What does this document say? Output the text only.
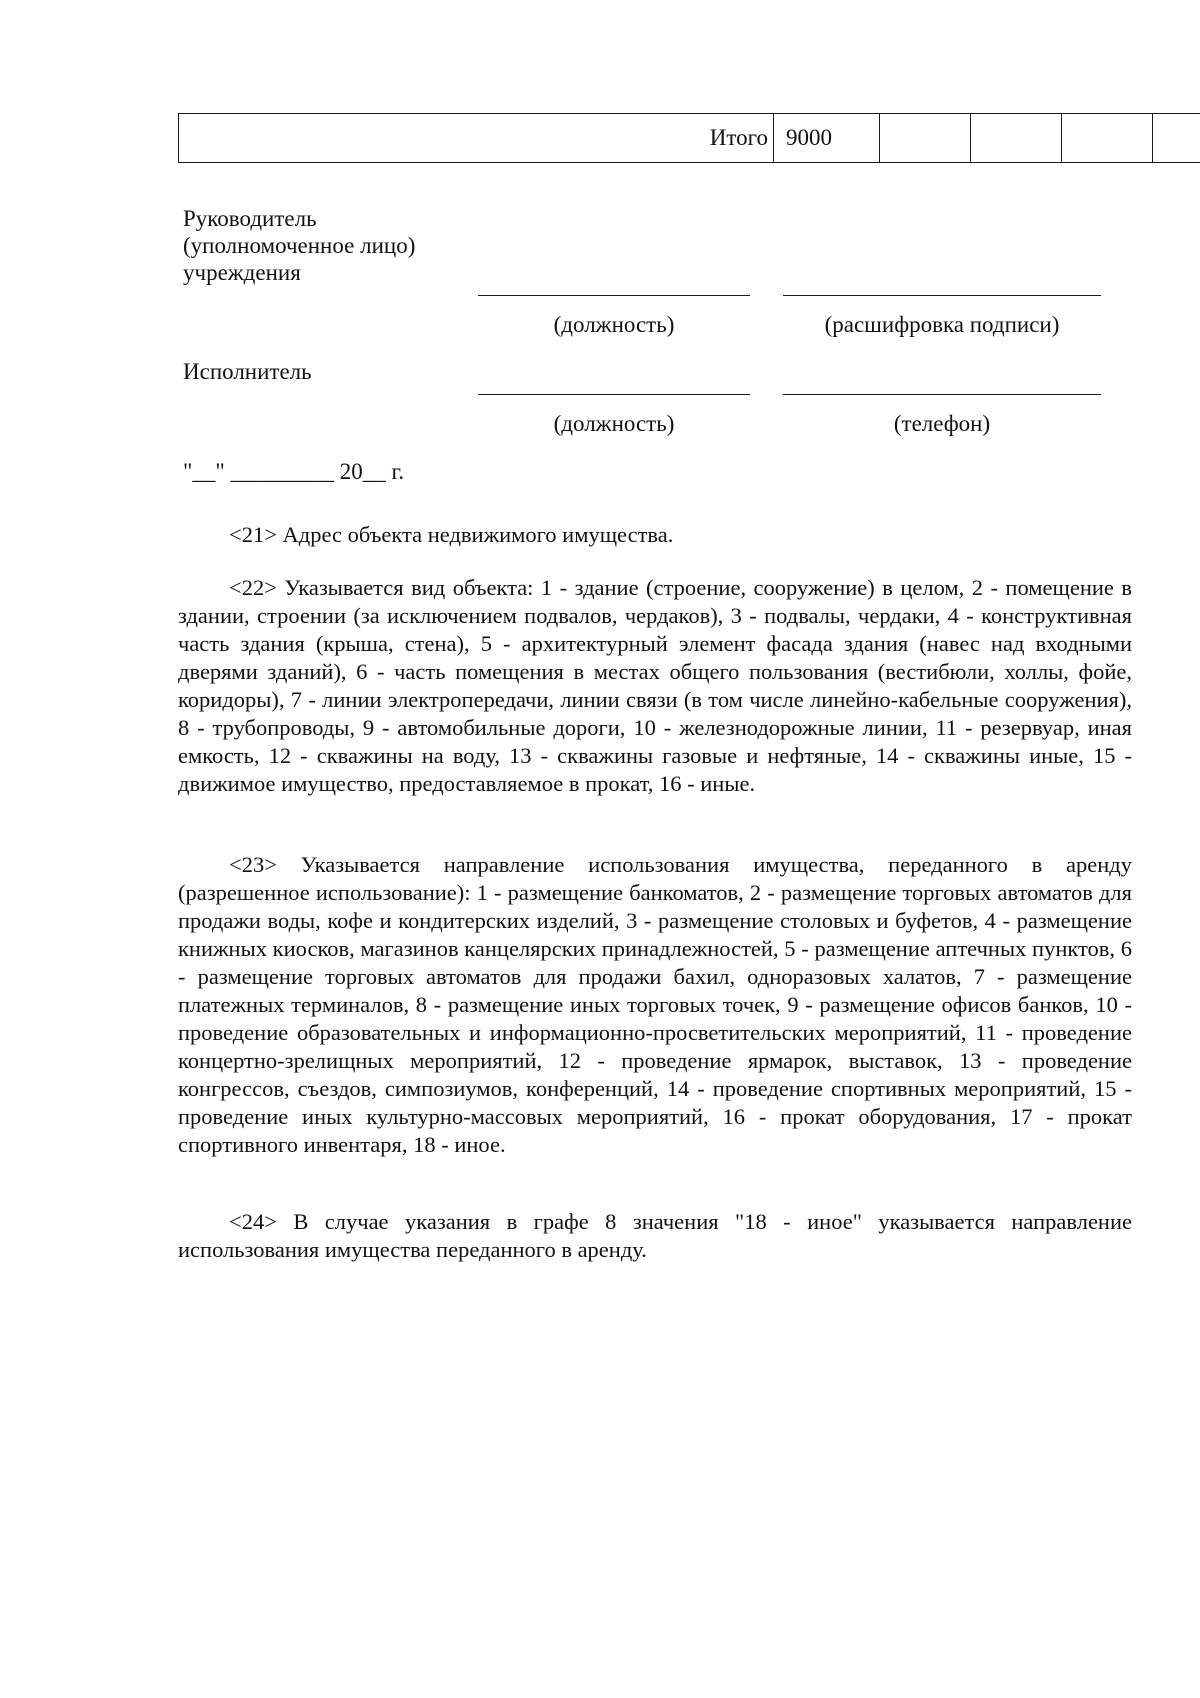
Итого	9000				
Руководитель
(уполномоченное лицо)
учреждения
(должность)	(расшифровка подписи)
Исполнитель
(должность)	(телефон)
"__" _________ 20__ г.

<21> Адрес объекта недвижимого имущества.

<22> Указывается вид объекта: 1 - здание (строение, сооружение) в целом, 2 - помещение в здании, строении (за исключением подвалов, чердаков), 3 - подвалы, чердаки, 4 - конструктивная часть здания (крыша, стена), 5 - архитектурный элемент фасада здания (навес над входными дверями зданий), 6 - часть помещения в местах общего пользования (вестибюли, холлы, фойе, коридоры), 7 - линии электропередачи, линии связи (в том числе линейно-кабельные сооружения), 8 - трубопроводы, 9 - автомобильные дороги, 10 - железнодорожные линии, 11 - резервуар, иная емкость, 12 - скважины на воду, 13 - скважины газовые и нефтяные, 14 - скважины иные, 15 - движимое имущество, предоставляемое в прокат, 16 - иные.

<23> Указывается направление использования имущества, переданного в аренду (разрешенное использование): 1 - размещение банкоматов, 2 - размещение торговых автоматов для продажи воды, кофе и кондитерских изделий, 3 - размещение столовых и буфетов, 4 - размещение книжных киосков, магазинов канцелярских принадлежностей, 5 - размещение аптечных пунктов, 6 - размещение торговых автоматов для продажи бахил, одноразовых халатов, 7 - размещение платежных терминалов, 8 - размещение иных торговых точек, 9 - размещение офисов банков, 10 - проведение образовательных и информационно-просветительских мероприятий, 11 - проведение концертно-зрелищных мероприятий, 12 - проведение ярмарок, выставок, 13 - проведение конгрессов, съездов, симпозиумов, конференций, 14 - проведение спортивных мероприятий, 15 - проведение иных культурно-массовых мероприятий, 16 - прокат оборудования, 17 - прокат спортивного инвентаря, 18 - иное.

<24> В случае указания в графе 8 значения "18 - иное" указывается направление использования имущества переданного в аренду.
